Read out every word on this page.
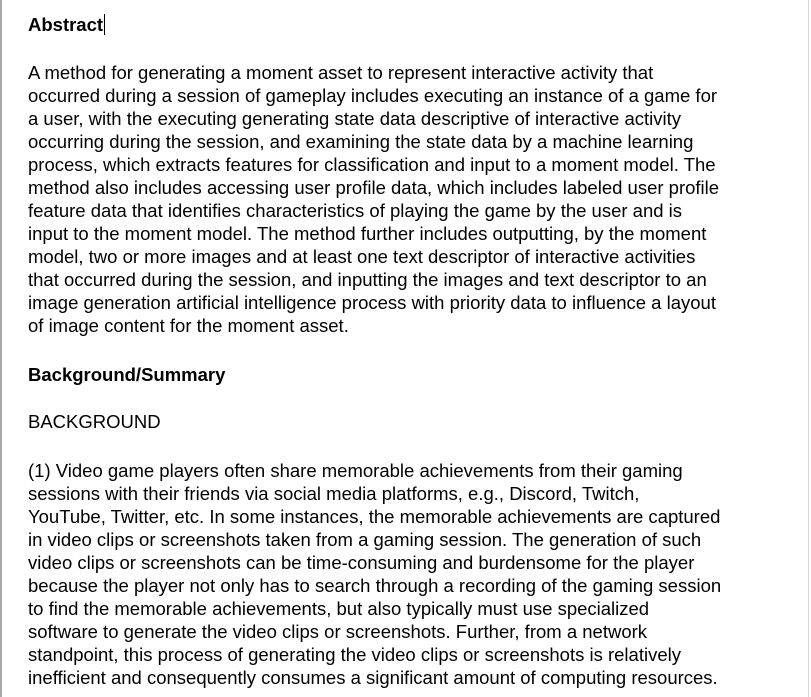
Abstract
A method for generating a moment asset to represent interactive activity that
occurred during a session of gameplay includes executing an instance of a game for
a user, with the executing generating state data descriptive of interactive activity
occurring during the session, and examining the state data by a machine learning
process, which extracts features for classification and input to a moment model. The
method also includes accessing user profile data, which includes labeled user profile
feature data that identifies characteristics of playing the game by the user and is
input to the moment model. The method further includes outputting, by the moment
model, two or more images and at least one text descriptor of interactive activities
that occurred during the session, and inputting the images and text descriptor to an
image generation artificial intelligence process with priority data to influence a layout
of image content for the moment asset.
Background/Summary
BACKGROUND
(1) Video game players often share memorable achievements from their gaming
sessions with their friends via social media platforms, e.g., Discord, Twitch,
YouTube, Twitter, etc. In some instances, the memorable achievements are captured
in video clips or screenshots taken from a gaming session. The generation of such
video clips or screenshots can be time-consuming and burdensome for the player
because the player not only has to search through a recording of the gaming session
to find the memorable achievements, but also typically must use specialized
software to generate the video clips or screenshots. Further, from a network
standpoint, this process of generating the video clips or screenshots is relatively
inefficient and consequently consumes a significant amount of computing resources.
